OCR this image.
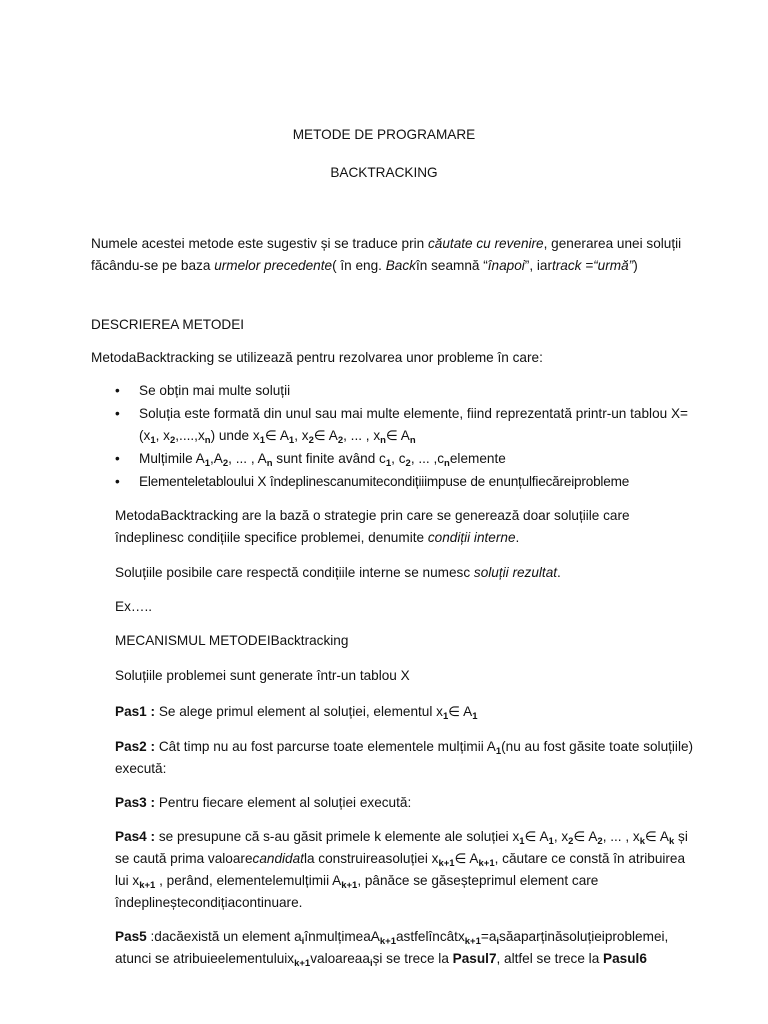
METODE DE PROGRAMARE
BACKTRACKING
Numele acestei metode este sugestiv și se traduce prin căutate cu revenire, generarea unei soluții făcându-se pe baza urmelor precedente( în eng. Backîn seamnă “înapoi”, iartrack =“urmă”)
DESCRIEREA METODEI
MetodaBacktracking se utilizează pentru rezolvarea unor probleme în care:
• Se obțin mai multe soluții
• Soluția este formată din unul sau mai multe elemente, fiind reprezentată printr-un tablou $X=(x_1$, $x_2,....,x_n$) unde $x_1\in$ $A_1$, $x_2\in$ $A_2$, ... , $x_n\in$ $A_n$
• Mulțimile $A_1,A_2$, ... , $A_n$ sunt finite având $c_1$, $c_2$, ... $,c_nelemente$
• Elementeletabloului X îndeplinescanumitecondițiiimpuse de enunțulfiecăreiprobleme
MetodaBacktracking are la bază o strategie prin care se generează doar soluțiile care îndeplinesc condițiile specifice problemei, denumite condiții interne.
Soluțiile posibile care respectă condițiile interne se numesc soluții rezultat.
Ex…..
MECANISMUL METODEIBacktracking
Soluțiile problemei sunt generate într-un tablou X
Pas1 : Se alege primul element al soluției, elementul $x_1\in$ $A_1$
Pas2 : Cât timp nu au fost parcurse toate elementele mulțimii $A_1(nu$ au fost găsite toate soluțiile) execută:
Pas3 : Pentru fiecare element al soluției execută:
Pas4 : se presupune că s-au găsit primele k elemente ale soluției $x_1\in$ $A_1$, $x_2\in$ $A_2$, ... , $x_k\in$ $A_k$ și se caută prima valoarecandidatla construireasoluției $x_{k+1}\in$ $A_{k+1}$, căutare ce constă în atribuirea lui $x_{k+1}$ , perând, elementelemulțimii $A_{k+1}$, pânăce se găseșteprimul element care îndeplineștecondițiacontinuare.
Pas5 :dacăexistă un element $a_iînmulțimeaA_{k+1}astfelîncâtx_{k+1}=a_isăaparținăsoluțieiproblemei$, atunci se atribuieelementuluix$_{k+1}$valoareaa$_i$și se trece la Pasul7, altfel se trece la Pasul6
